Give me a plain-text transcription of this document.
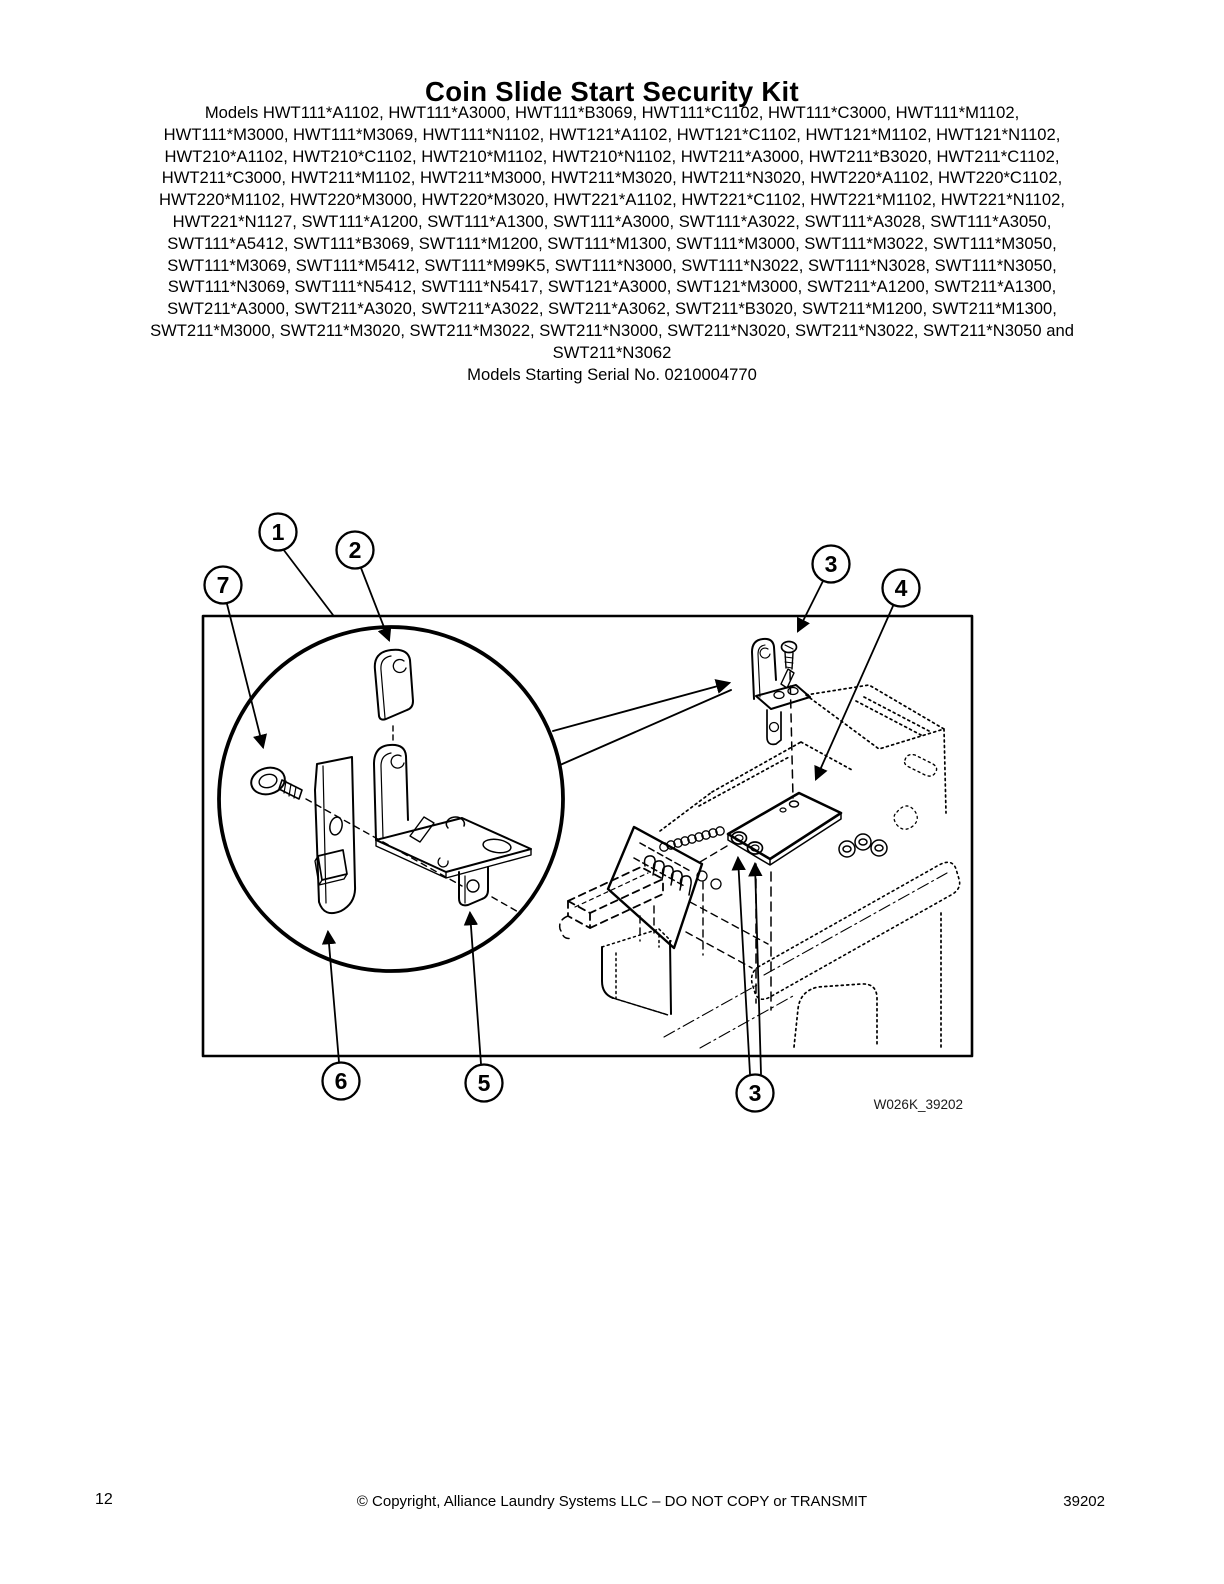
Coin Slide Start Security Kit
Models HWT111*A1102, HWT111*A3000, HWT111*B3069, HWT111*C1102, HWT111*C3000, HWT111*M1102,
HWT111*M3000, HWT111*M3069, HWT111*N1102, HWT121*A1102, HWT121*C1102, HWT121*M1102, HWT121*N1102,
HWT210*A1102, HWT210*C1102, HWT210*M1102, HWT210*N1102, HWT211*A3000, HWT211*B3020, HWT211*C1102,
HWT211*C3000, HWT211*M1102, HWT211*M3000, HWT211*M3020, HWT211*N3020, HWT220*A1102, HWT220*C1102,
HWT220*M1102, HWT220*M3000, HWT220*M3020, HWT221*A1102, HWT221*C1102, HWT221*M1102, HWT221*N1102,
HWT221*N1127, SWT111*A1200, SWT111*A1300, SWT111*A3000, SWT111*A3022, SWT111*A3028, SWT111*A3050,
SWT111*A5412, SWT111*B3069, SWT111*M1200, SWT111*M1300, SWT111*M3000, SWT111*M3022, SWT111*M3050,
SWT111*M3069, SWT111*M5412, SWT111*M99K5, SWT111*N3000, SWT111*N3022, SWT111*N3028, SWT111*N3050,
SWT111*N3069, SWT111*N5412, SWT111*N5417, SWT121*A3000, SWT121*M3000, SWT211*A1200, SWT211*A1300,
SWT211*A3000, SWT211*A3020, SWT211*A3022, SWT211*A3062, SWT211*B3020, SWT211*M1200, SWT211*M1300,
SWT211*M3000, SWT211*M3020, SWT211*M3022, SWT211*N3000, SWT211*N3020, SWT211*N3022, SWT211*N3050 and
SWT211*N3062
Models Starting Serial No. 0210004770
1
2
3
4
5
6
7
3	W026K_39202
12	© Copyright, Alliance Laundry Systems LLC – DO NOT COPY or TRANSMIT	39202
